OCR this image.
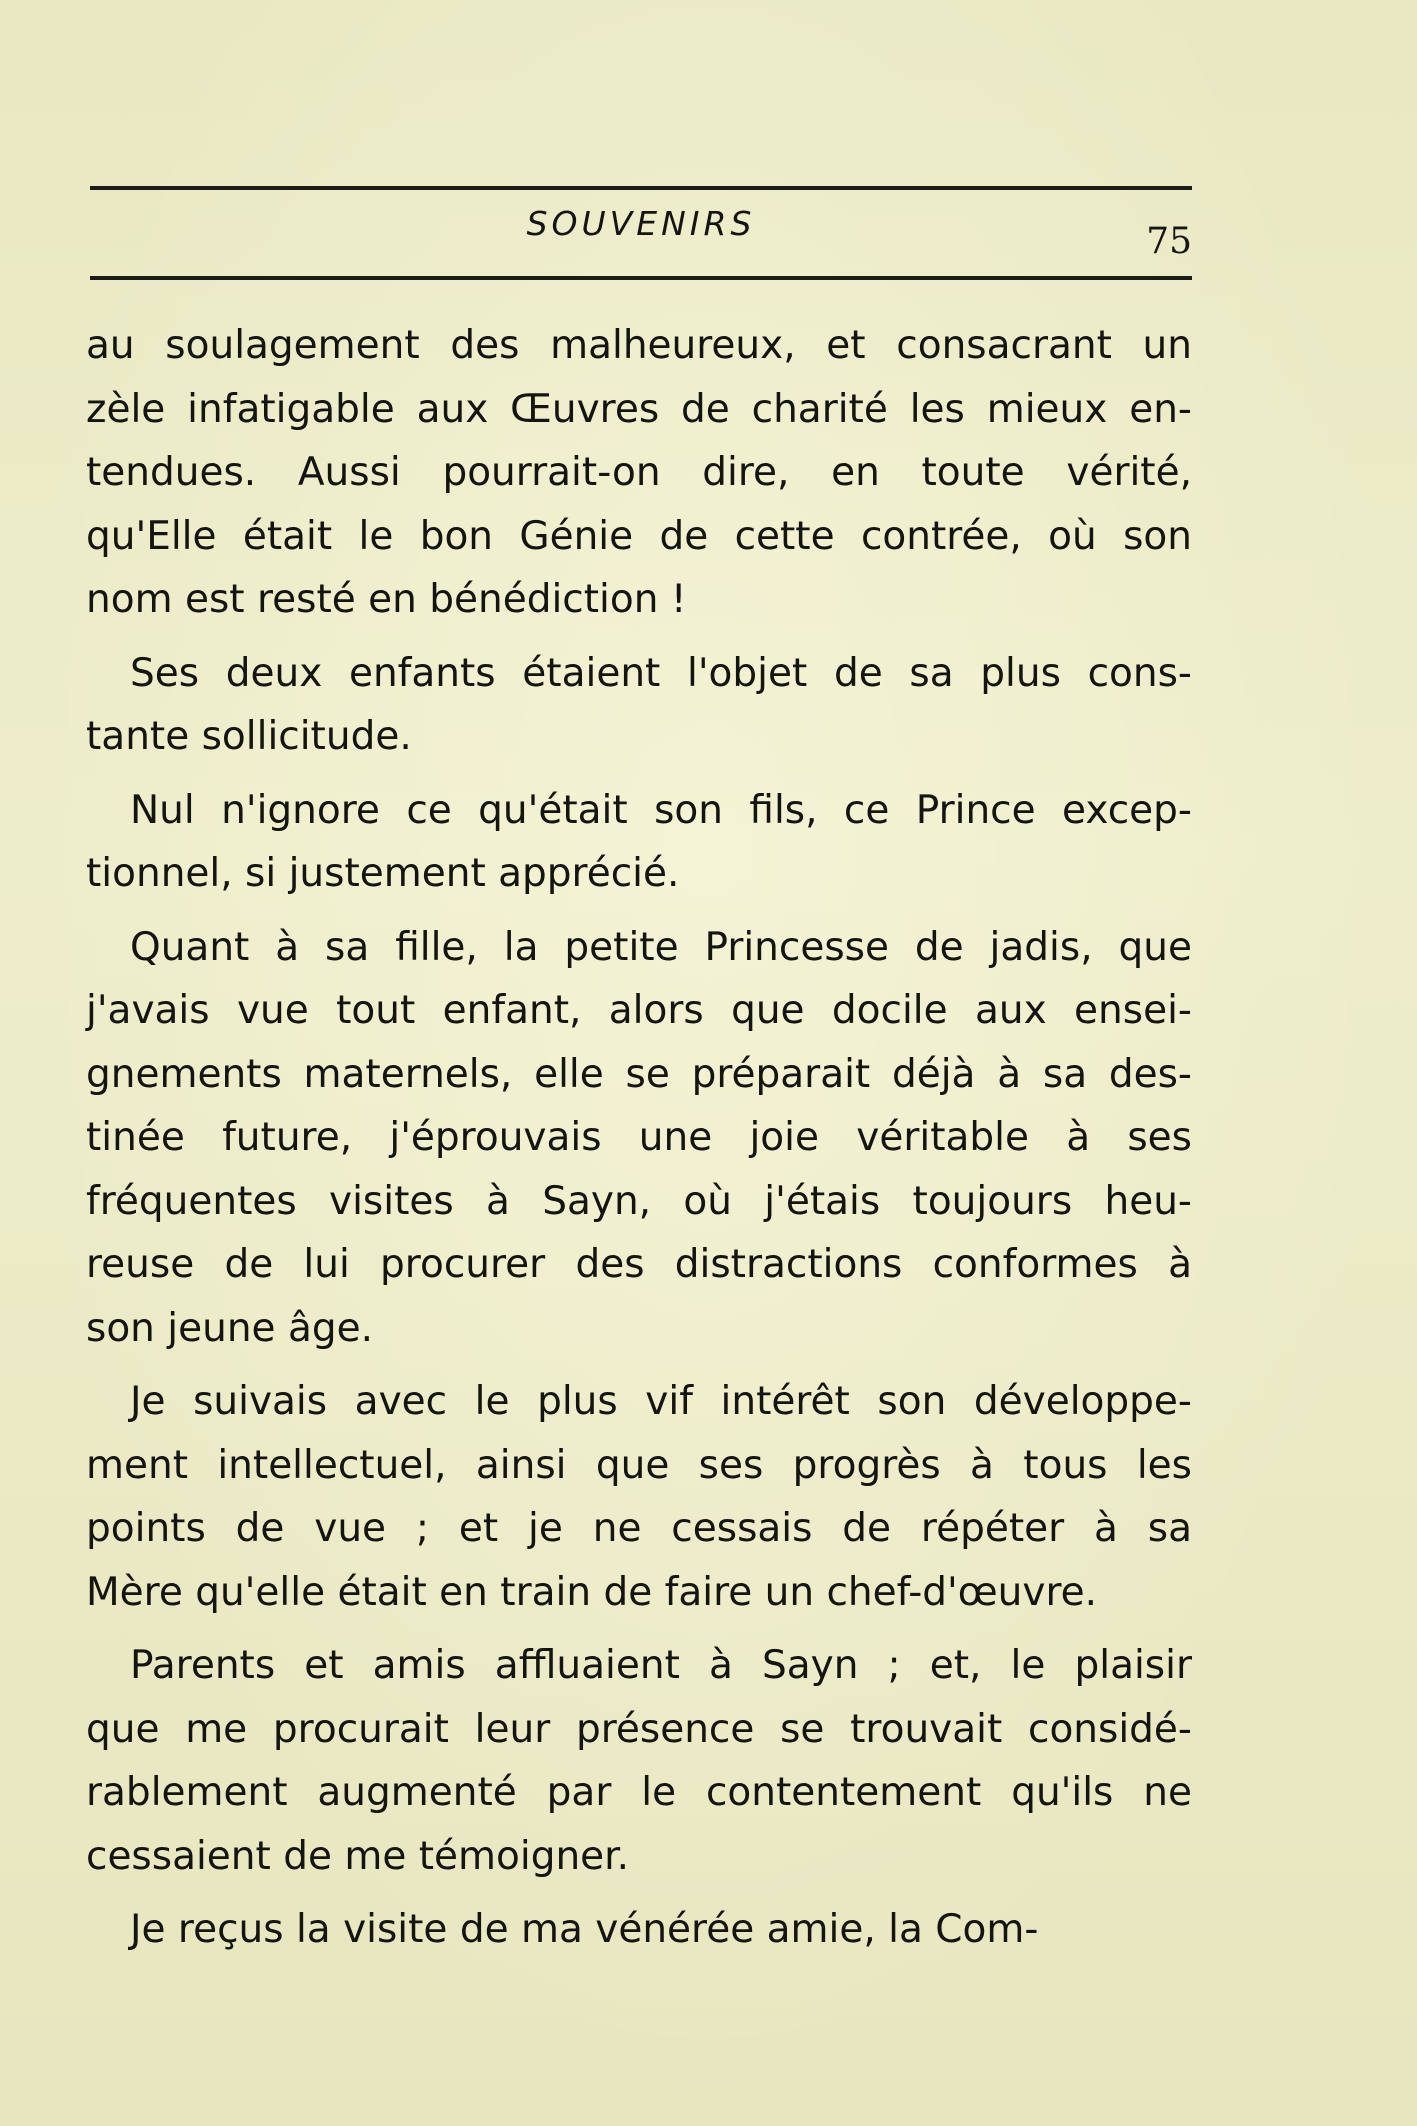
SOUVENIRS	75

au soulagement des malheureux, et consacrant un
zèle infatigable aux Œuvres de charité les mieux en-
tendues. Aussi pourrait-on dire, en toute vérité,
qu'Elle était le bon Génie de cette contrée, où son
nom est resté en bénédiction !

Ses deux enfants étaient l'objet de sa plus cons-
tante sollicitude.

Nul n'ignore ce qu'était son fils, ce Prince excep-
tionnel, si justement apprécié.

Quant à sa fille, la petite Princesse de jadis, que
j'avais vue tout enfant, alors que docile aux ensei-
gnements maternels, elle se préparait déjà à sa des-
tinée future, j'éprouvais une joie véritable à ses
fréquentes visites à Sayn, où j'étais toujours heu-
reuse de lui procurer des distractions conformes à
son jeune âge.

Je suivais avec le plus vif intérêt son développe-
ment intellectuel, ainsi que ses progrès à tous les
points de vue ; et je ne cessais de répéter à sa
Mère qu'elle était en train de faire un chef-d'œuvre.

Parents et amis affluaient à Sayn ; et, le plaisir
que me procurait leur présence se trouvait considé-
rablement augmenté par le contentement qu'ils ne
cessaient de me témoigner.

Je reçus la visite de ma vénérée amie, la Com-
